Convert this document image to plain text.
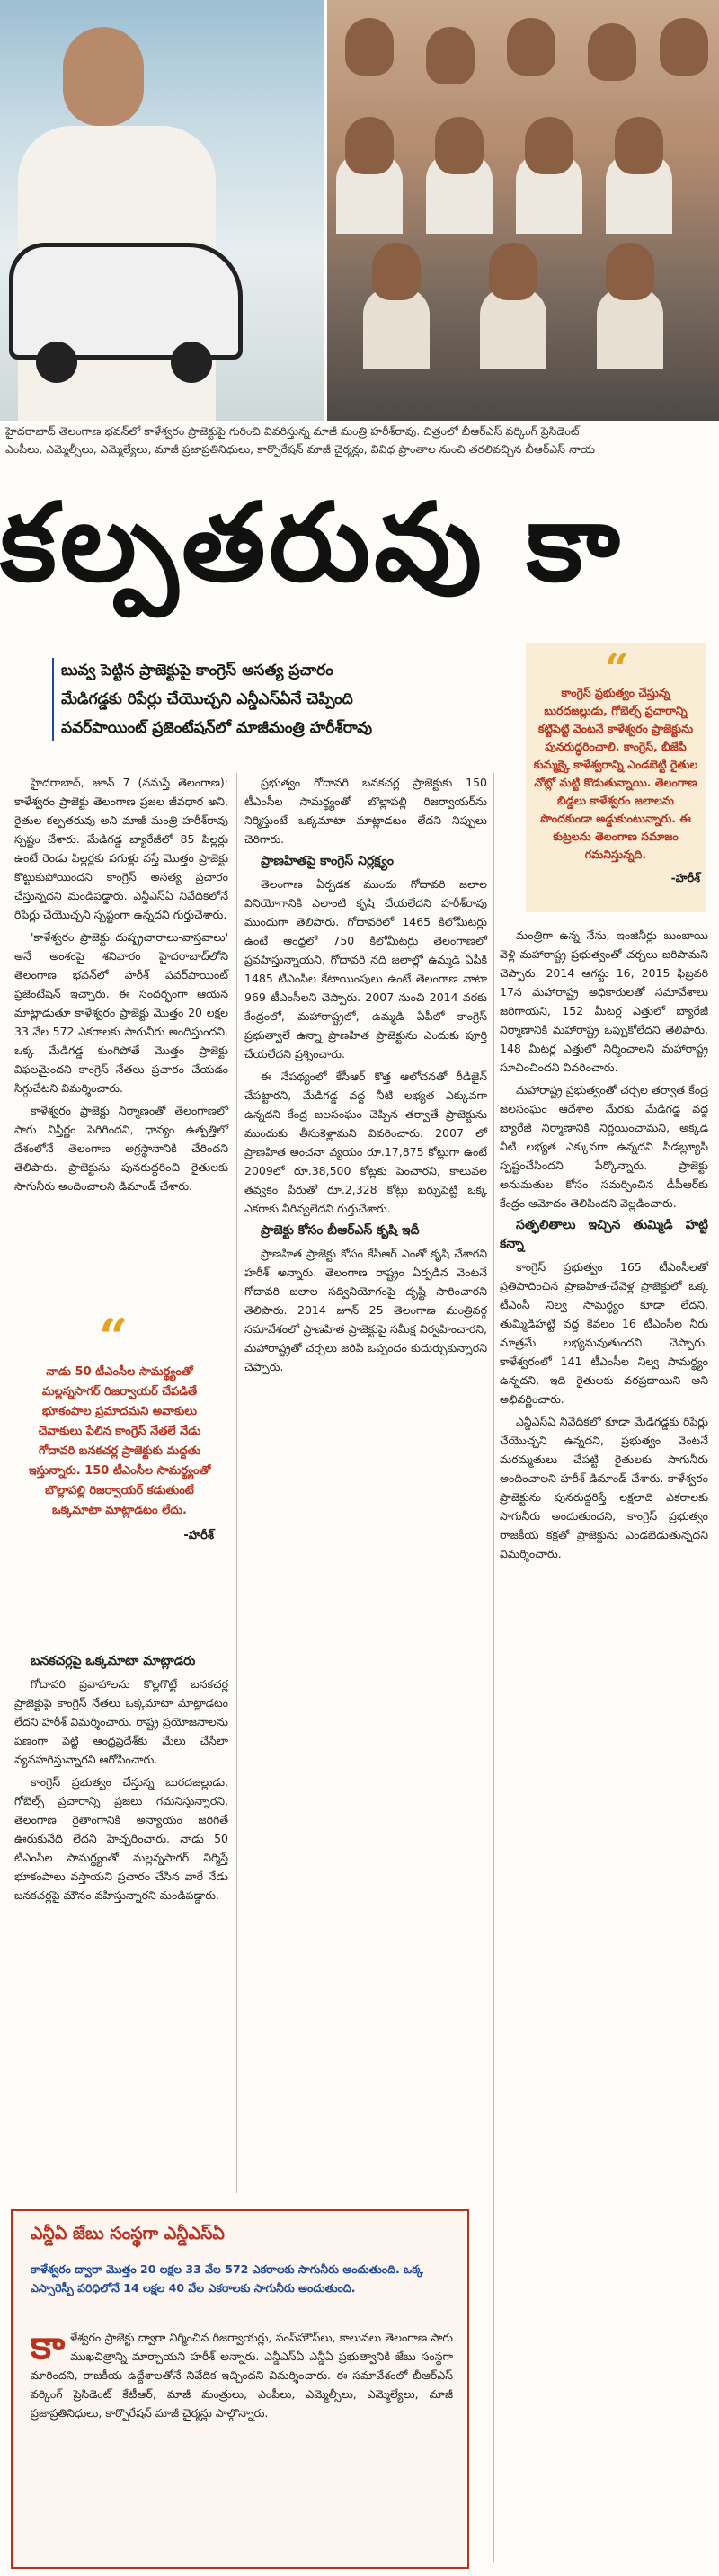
హైదరాబాద్‌ తెలంగాణ భవన్‌లో కాళేశ్వరం ప్రాజెక్టుపై గురించి వివరిస్తున్న మాజీ మంత్రి హరీశ్‌రావు. చిత్రంలో బీఆర్‌ఎస్‌ వర్కింగ్‌ ప్రెసిడెంట్‌
ఎంపీలు, ఎమ్మెల్సీలు, ఎమ్మెల్యేలు, మాజీ ప్రజాప్రతినిధులు, కార్పొరేషన్ మాజీ చైర్మన్లు, వివిధ ప్రాంతాల నుంచి తరలివచ్చిన బీఆర్‌ఎస్ నాయ
కల్పతరువు కా
బువ్వ పెట్టిన ప్రాజెక్టుపై కాంగ్రెస్‌ అసత్య ప్రచారం
మేడిగడ్డకు రిపేర్లు చేయొచ్చని ఎన్డీఎస్‌ఏనే చెప్పింది
పవర్‌పాయింట్‌ ప్రజెంటేషన్‌లో మాజీమంత్రి హరీశ్‌రావు
“
కాంగ్రెస్‌ ప్రభుత్వం చేస్తున్న బురదజల్లుడు, గోబెల్స్‌ ప్రచారాన్ని కట్టిపెట్టి వెంటనే కాళేశ్వరం ప్రాజెక్టును పునరుద్ధరించాలి. కాంగ్రెస్‌, బీజేపీ కుమ్మక్కై కాళేశ్వరాన్ని ఎండబెట్టి రైతుల నోట్లో మట్టి కొడుతున్నాయి. తెలంగాణ బిడ్డలు కాళేశ్వరం జలాలను పొందకుండా అడ్డుకుంటున్నారు. ఈ కుట్రలను తెలంగాణ సమాజం గమనిస్తున్నది.
-హరీశ్‌

హైదరాబాద్‌, జూన్‌ 7 (నమస్తే తెలంగాణ): కాళేశ్వరం ప్రాజెక్టు తెలంగాణ ప్రజల జీవధార అని, రైతుల కల్పతరువు అని మాజీ మంత్రి హరీశ్‌రావు స్పష్టం చేశారు. మేడిగడ్డ బ్యారేజీలో 85 పిల్లర్లు ఉంటే రెండు పిల్లర్లకు పగుళ్లు వస్తే మొత్తం ప్రాజెక్టు కొట్టుకుపోయిందని కాంగ్రెస్‌ అసత్య ప్రచారం చేస్తున్నదని మండిపడ్డారు. ఎన్డీఎస్‌ఏ నివేదికలోనే రిపేర్లు చేయొచ్చని స్పష్టంగా ఉన్నదని గుర్తుచేశారు.

'కాళేశ్వరం ప్రాజెక్టు దుష్ప్రచారాలు-వాస్తవాలు' అనే అంశంపై శనివారం హైదరాబాద్‌లోని తెలంగాణ భవన్‌లో హరీశ్‌ పవర్‌పాయింట్‌ ప్రజెంటేషన్‌ ఇచ్చారు. ఈ సందర్భంగా ఆయన మాట్లాడుతూ కాళేశ్వరం ప్రాజెక్టు మొత్తం 20 లక్షల 33 వేల 572 ఎకరాలకు సాగునీరు అందిస్తుందని, ఒక్క మేడిగడ్డ కుంగిపోతే మొత్తం ప్రాజెక్టు విఫలమైందని కాంగ్రెస్‌ నేతలు ప్రచారం చేయడం సిగ్గుచేటని విమర్శించారు.

కాళేశ్వరం ప్రాజెక్టు నిర్మాణంతో తెలంగాణలో సాగు విస్తీర్ణం పెరిగిందని, ధాన్యం ఉత్పత్తిలో దేశంలోనే తెలంగాణ అగ్రస్థానానికి చేరిందని తెలిపారు. ప్రాజెక్టును పునరుద్ధరించి రైతులకు సాగునీరు అందించాలని డిమాండ్‌ చేశారు.

“
నాడు 50 టీఎంసీల సామర్థ్యంతో మల్లన్నసాగర్‌ రిజర్వాయర్‌ చేపడితే భూకంపాల ప్రమాదమని అవాకులు చెవాకులు పేలిన కాంగ్రెస్‌ నేతలే నేడు గోదావరి బనకచర్ల ప్రాజెక్టుకు మద్దతు ఇస్తున్నారు. 150 టీఎంసీల సామర్థ్యంతో బొల్లాపల్లి రిజర్వాయర్‌ కడుతుంటే ఒక్కమాటా మాట్లాడటం లేదు.
-హరీశ్‌

బనకచర్లపై ఒక్కమాటా మాట్లాడరు

గోదావరి ప్రవాహాలను కొల్లగొట్టే బనకచర్ల ప్రాజెక్టుపై కాంగ్రెస్‌ నేతలు ఒక్కమాటా మాట్లాడటం లేదని హరీశ్‌ విమర్శించారు. రాష్ట్ర ప్రయోజనాలను పణంగా పెట్టి ఆంధ్రప్రదేశ్‌కు మేలు చేసేలా వ్యవహరిస్తున్నారని ఆరోపించారు.

కాంగ్రెస్‌ ప్రభుత్వం చేస్తున్న బురదజల్లుడు, గోబెల్స్‌ ప్రచారాన్ని ప్రజలు గమనిస్తున్నారని, తెలంగాణ రైతాంగానికి అన్యాయం జరిగితే ఊరుకునేది లేదని హెచ్చరించారు. నాడు 50 టీఎంసీల సామర్థ్యంతో మల్లన్నసాగర్‌ నిర్మిస్తే భూకంపాలు వస్తాయని ప్రచారం చేసిన వారే నేడు బనకచర్లపై మౌనం వహిస్తున్నారని మండిపడ్డారు.

ప్రభుత్వం గోదావరి బనకచర్ల ప్రాజెక్టుకు 150 టీఎంసీల సామర్థ్యంతో బొల్లాపల్లి రిజర్వాయర్‌ను నిర్మిస్తుంటే ఒక్కమాటా మాట్లాడటం లేదని నిప్పులు చెరిగారు.

ప్రాణహితపై కాంగ్రెస్‌ నిర్లక్ష్యం

తెలంగాణ ఏర్పడక ముందు గోదావరి జలాల వినియోగానికి ఎలాంటి కృషి చేయలేదని హరీశ్‌రావు ముందుగా తెలిపారు. గోదావరిలో 1465 కిలోమీటర్లు ఉంటే ఆంధ్రలో 750 కిలోమీటర్లు తెలంగాణలో ప్రవహిస్తున్నాయని, గోదావరి నది జలాల్లో ఉమ్మడి ఏపీకి 1485 టీఎంసీల కేటాయింపులు ఉంటే తెలంగాణ వాటా 969 టీఎంసీలని చెప్పారు. 2007 నుంచి 2014 వరకు కేంద్రంలో, మహారాష్ట్రలో, ఉమ్మడి ఏపీలో కాంగ్రెస్‌ ప్రభుత్వాలే ఉన్నా ప్రాణహిత ప్రాజెక్టును ఎందుకు పూర్తి చేయలేదని ప్రశ్నించారు.

ఈ నేపథ్యంలో కేసీఆర్‌ కొత్త ఆలోచనతో రీడిజైన్‌ చేపట్టారని, మేడిగడ్డ వద్ద నీటి లభ్యత ఎక్కువగా ఉన్నదని కేంద్ర జలసంఘం చెప్పిన తర్వాతే ప్రాజెక్టును ముందుకు తీసుకెళ్లామని వివరించారు. 2007 లో ప్రాణహిత అంచనా వ్యయం రూ.17,875 కోట్లుగా ఉంటే 2009లో రూ.38,500 కోట్లకు పెంచారని, కాలువల తవ్వకం పేరుతో రూ.2,328 కోట్లు ఖర్చుపెట్టి ఒక్క ఎకరాకు నీరివ్వలేదని గుర్తుచేశారు.

ప్రాజెక్టు కోసం బీఆర్‌ఎస్‌ కృషి ఇదీ

ప్రాణహిత ప్రాజెక్టు కోసం కేసీఆర్‌ ఎంతో కృషి చేశారని హరీశ్‌ అన్నారు. తెలంగాణ రాష్ట్రం ఏర్పడిన వెంటనే గోదావరి జలాల సద్వినియోగంపై దృష్టి సారించారని తెలిపారు. 2014 జూన్‌ 25 తెలంగాణ మంత్రివర్గ సమావేశంలో ప్రాణహిత ప్రాజెక్టుపై సమీక్ష నిర్వహించారని, మహారాష్ట్రతో చర్చలు జరిపి ఒప్పందం కుదుర్చుకున్నారని చెప్పారు.

మంత్రిగా ఉన్న నేను, ఇంజినీర్లు బుంబాయి వెళ్లి మహారాష్ట్ర ప్రభుత్వంతో చర్చలు జరిపామని చెప్పారు. 2014 ఆగస్టు 16, 2015 ఫిబ్రవరి 17న మహారాష్ట్ర అధికారులతో సమావేశాలు జరిగాయని, 152 మీటర్ల ఎత్తులో బ్యారేజీ నిర్మాణానికి మహారాష్ట్ర ఒప్పుకోలేదని తెలిపారు. 148 మీటర్ల ఎత్తులో నిర్మించాలని మహారాష్ట్ర సూచించిందని వివరించారు.

మహారాష్ట్ర ప్రభుత్వంతో చర్చల తర్వాత కేంద్ర జలసంఘం ఆదేశాల మేరకు మేడిగడ్డ వద్ద బ్యారేజీ నిర్మాణానికి నిర్ణయించామని, అక్కడ నీటి లభ్యత ఎక్కువగా ఉన్నదని సీడబ్ల్యూసీ స్పష్టంచేసిందని పేర్కొన్నారు. ప్రాజెక్టు అనుమతుల కోసం సమర్పించిన డీపీఆర్‌కు కేంద్రం ఆమోదం తెలిపిందని వెల్లడించారు.

సత్ఫలితాలు ఇచ్చిన తుమ్మిడి హట్టి కన్నా

కాంగ్రెస్‌ ప్రభుత్వం 165 టీఎంసీలతో ప్రతిపాదించిన ప్రాణహిత-చేవెళ్ల ప్రాజెక్టులో ఒక్క టీఎంసీ నిల్వ సామర్థ్యం కూడా లేదని, తుమ్మిడిహట్టి వద్ద కేవలం 16 టీఎంసీల నీరు మాత్రమే లభ్యమవుతుందని చెప్పారు. కాళేశ్వరంలో 141 టీఎంసీల నిల్వ సామర్థ్యం ఉన్నదని, ఇది రైతులకు వరప్రదాయిని అని అభివర్ణించారు.

ఎన్డీఎస్‌ఏ నివేదికలో కూడా మేడిగడ్డకు రిపేర్లు చేయొచ్చని ఉన్నదని, ప్రభుత్వం వెంటనే మరమ్మతులు చేపట్టి రైతులకు సాగునీరు అందించాలని హరీశ్‌ డిమాండ్‌ చేశారు. కాళేశ్వరం ప్రాజెక్టును పునరుద్ధరిస్తే లక్షలాది ఎకరాలకు సాగునీరు అందుతుందని, కాంగ్రెస్‌ ప్రభుత్వం రాజకీయ కక్షతో ప్రాజెక్టును ఎండబెడుతున్నదని విమర్శించారు.

ఎన్డీఏ జేబు సంస్థగా ఎన్డీఎస్‌ఏ
కాళేశ్వరం ద్వారా మొత్తం 20 లక్షల 33 వేల 572 ఎకరాలకు సాగునీరు అందుతుంది. ఒక్క ఎస్సారెస్పీ పరిధిలోనే 14 లక్షల 40 వేల ఎకరాలకు సాగునీరు అందుతుంది.
కాళేశ్వరం ప్రాజెక్టు ద్వారా నిర్మించిన రిజర్వాయర్లు, పంప్‌హౌస్‌లు, కాలువలు తెలంగాణ సాగు ముఖచిత్రాన్ని మార్చాయని హరీశ్‌ అన్నారు. ఎన్డీఎస్‌ఏ ఎన్డీఏ ప్రభుత్వానికి జేబు సంస్థగా మారిందని, రాజకీయ ఉద్దేశాలతోనే నివేదిక ఇచ్చిందని విమర్శించారు. ఈ సమావేశంలో బీఆర్‌ఎస్‌ వర్కింగ్‌ ప్రెసిడెంట్‌ కేటీఆర్‌, మాజీ మంత్రులు, ఎంపీలు, ఎమ్మెల్సీలు, ఎమ్మెల్యేలు, మాజీ ప్రజాప్రతినిధులు, కార్పొరేషన్‌ మాజీ చైర్మన్లు పాల్గొన్నారు.
